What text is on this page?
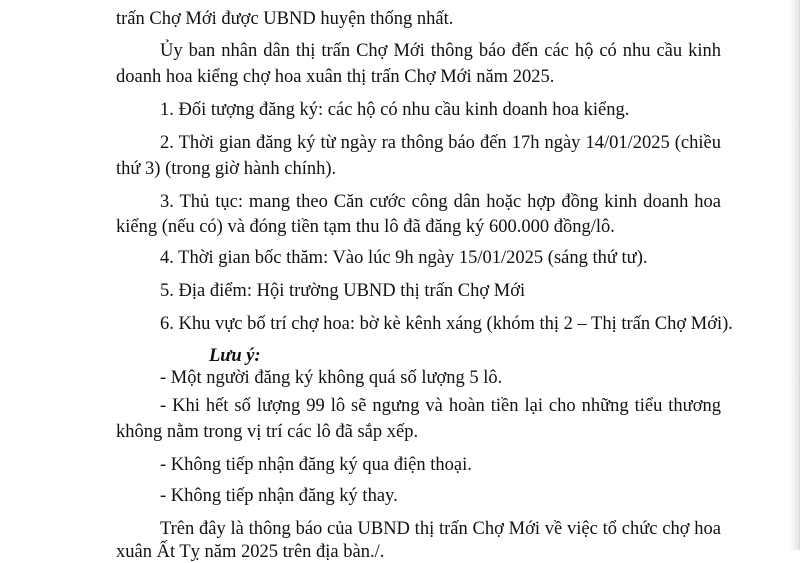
trấn Chợ Mới được UBND huyện thống nhất.
Ủy ban nhân dân thị trấn Chợ Mới thông báo đến các hộ có nhu cầu kinh
doanh hoa kiểng chợ hoa xuân thị trấn Chợ Mới năm 2025.
1. Đối tượng đăng ký: các hộ có nhu cầu kinh doanh hoa kiểng.
2. Thời gian đăng ký từ ngày ra thông báo đến 17h ngày 14/01/2025 (chiều
thứ 3) (trong giờ hành chính).
3. Thủ tục: mang theo Căn cước công dân hoặc hợp đồng kinh doanh hoa
kiểng (nếu có) và đóng tiền tạm thu lô đã đăng ký 600.000 đồng/lô.
4. Thời gian bốc thăm: Vào lúc 9h ngày 15/01/2025 (sáng thứ tư).
5. Địa điểm: Hội trường UBND thị trấn Chợ Mới
6. Khu vực bố trí chợ hoa: bờ kè kênh xáng (khóm thị 2 – Thị trấn Chợ Mới).
Lưu ý:
- Một người đăng ký không quá số lượng 5 lô.
- Khi hết số lượng 99 lô sẽ ngưng và hoàn tiền lại cho những tiểu thương
không nằm trong vị trí các lô đã sắp xếp.
- Không tiếp nhận đăng ký qua điện thoại.
- Không tiếp nhận đăng ký thay.
Trên đây là thông báo của UBND thị trấn Chợ Mới về việc tổ chức chợ hoa
xuân Ất Tỵ năm 2025 trên địa bàn./.
